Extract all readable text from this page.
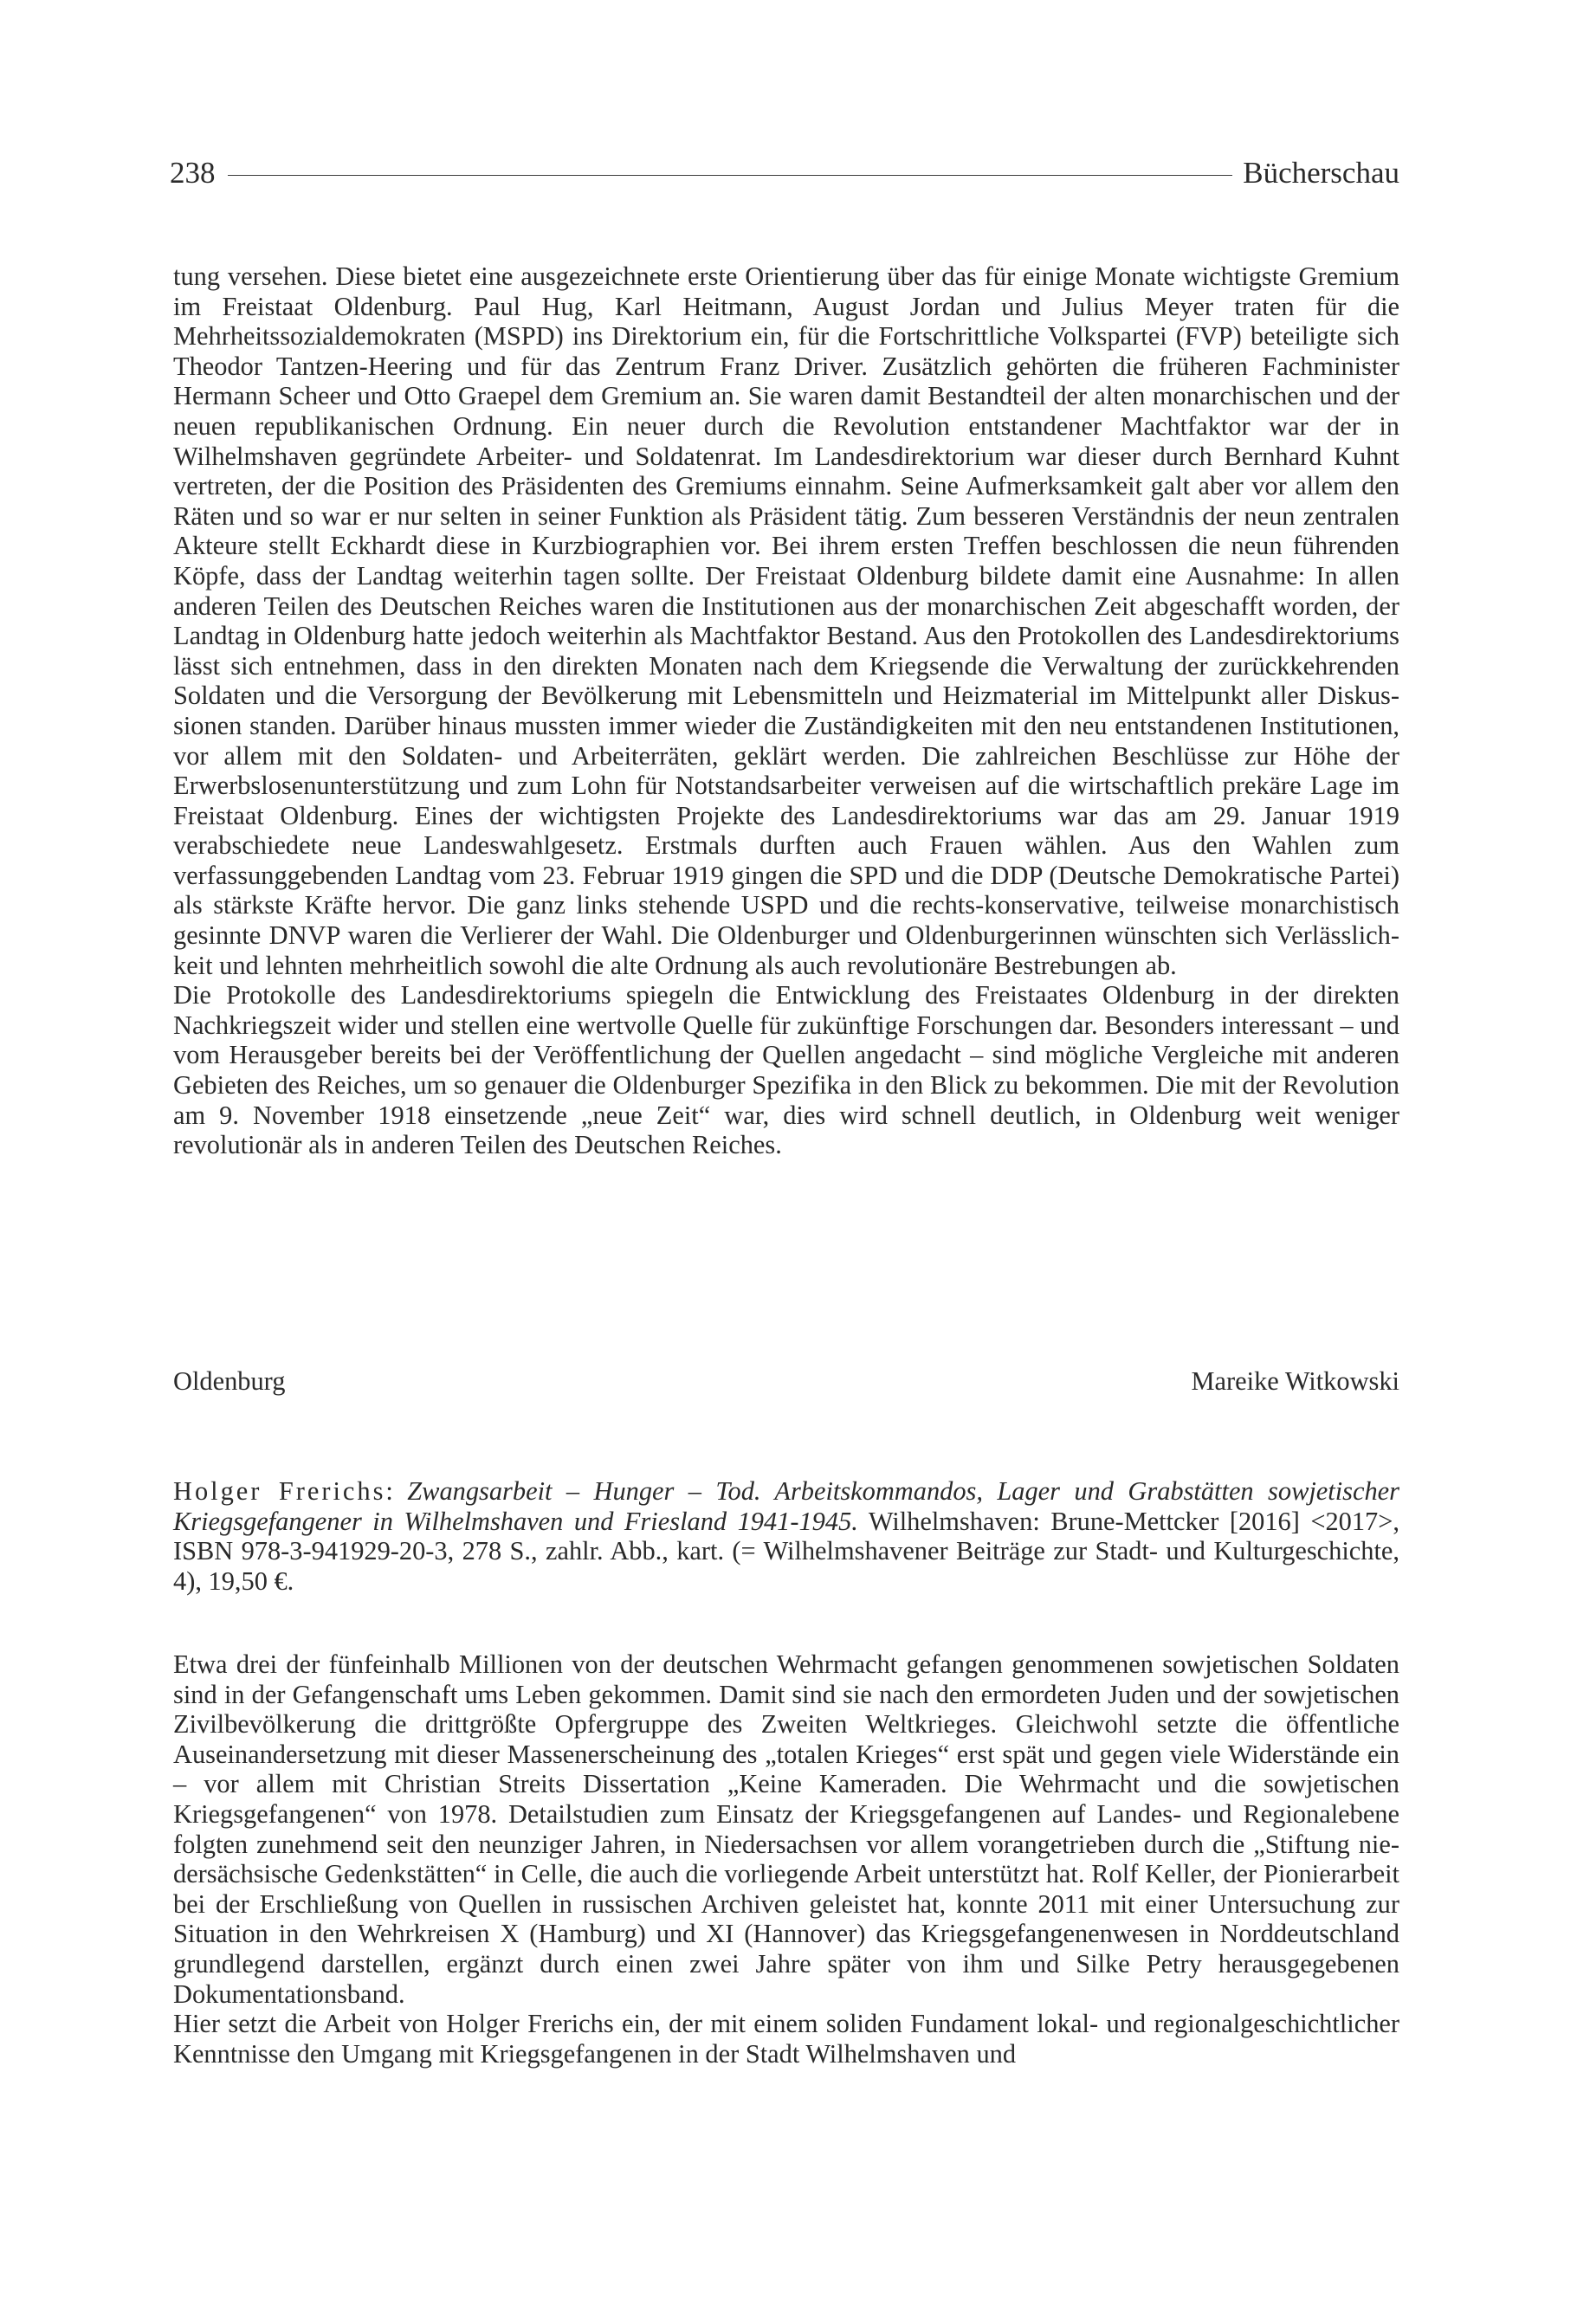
238	Bücherschau

tung versehen. Diese bietet eine ausgezeichnete erste Orientierung über das für einige Monate wichtigste Gremium im Freistaat Oldenburg. Paul Hug, Karl Heitmann, August Jordan und Julius Meyer traten für die Mehrheitssozialdemokraten (MSPD) ins Direktorium ein, für die Fortschrittliche Volkspartei (FVP) beteiligte sich Theodor Tantzen-Heering und für das Zentrum Franz Driver. Zusätzlich gehörten die früheren Fachminister Hermann Scheer und Otto Graepel dem Gremium an. Sie waren damit Bestandteil der alten monarchischen und der neuen republikanischen Ordnung. Ein neuer durch die Revolution entstandener Machtfaktor war der in Wilhelmshaven gegründete Arbeiter- und Soldatenrat. Im Landesdirektorium war dieser durch Bernhard Kuhnt vertreten, der die Position des Präsidenten des Gremiums einnahm. Seine Aufmerksamkeit galt aber vor allem den Räten und so war er nur selten in seiner Funktion als Präsident tätig. Zum besseren Verständnis der neun zentralen Akteure stellt Eckhardt diese in Kurzbiographien vor. Bei ihrem ersten Treffen beschlossen die neun führenden Köpfe, dass der Landtag weiterhin tagen sollte. Der Freistaat Oldenburg bildete damit eine Ausnahme: In allen anderen Teilen des Deutschen Reiches waren die Institutionen aus der monarchischen Zeit abgeschafft worden, der Landtag in Oldenburg hatte jedoch weiterhin als Machtfaktor Bestand. Aus den Protokollen des Landesdirektoriums lässt sich entnehmen, dass in den direkten Monaten nach dem Kriegsende die Verwaltung der zurückkehrenden Soldaten und die Versorgung der Bevölkerung mit Lebensmitteln und Heizmaterial im Mittelpunkt aller Diskussionen standen. Darüber hinaus mussten immer wieder die Zuständigkeiten mit den neu entstandenen Institutionen, vor allem mit den Soldaten- und Arbeiterräten, geklärt werden. Die zahlreichen Beschlüsse zur Höhe der Erwerbslosenunterstützung und zum Lohn für Notstandsarbeiter verweisen auf die wirtschaftlich prekäre Lage im Freistaat Oldenburg. Eines der wichtigsten Projekte des Landesdirektoriums war das am 29. Januar 1919 verabschiedete neue Landeswahlgesetz. Erstmals durften auch Frauen wählen. Aus den Wahlen zum verfassunggebenden Landtag vom 23. Februar 1919 gingen die SPD und die DDP (Deutsche Demokratische Partei) als stärkste Kräfte hervor. Die ganz links stehende USPD und die rechts-konservative, teilweise monarchistisch gesinnte DNVP waren die Verlierer der Wahl. Die Oldenburger und Oldenburgerinnen wünschten sich Verlässlichkeit und lehnten mehrheitlich sowohl die alte Ordnung als auch revolutionäre Bestrebungen ab.

Die Protokolle des Landesdirektoriums spiegeln die Entwicklung des Freistaates Oldenburg in der direkten Nachkriegszeit wider und stellen eine wertvolle Quelle für zukünftige Forschungen dar. Besonders interessant – und vom Herausgeber bereits bei der Veröffentlichung der Quellen angedacht – sind mögliche Vergleiche mit anderen Gebieten des Reiches, um so genauer die Oldenburger Spezifika in den Blick zu bekommen. Die mit der Revolution am 9. November 1918 einsetzende „neue Zeit“ war, dies wird schnell deutlich, in Oldenburg weit weniger revolutionär als in anderen Teilen des Deutschen Reiches.

Oldenburg	Mareike Witkowski

Holger Frerichs: Zwangsarbeit – Hunger – Tod. Arbeitskommandos, Lager und Grabstätten sowjetischer Kriegsgefangener in Wilhelmshaven und Friesland 1941-1945. Wilhelmshaven: Brune-Mettcker [2016] <2017>, ISBN 978-3-941929-20-3, 278 S., zahlr. Abb., kart. (= Wilhelmshavener Beiträge zur Stadt- und Kulturgeschichte, 4), 19,50 €.

Etwa drei der fünfeinhalb Millionen von der deutschen Wehrmacht gefangen genommenen sowjetischen Soldaten sind in der Gefangenschaft ums Leben gekommen. Damit sind sie nach den ermordeten Juden und der sowjetischen Zivilbevölkerung die drittgrößte Opfergruppe des Zweiten Weltkrieges. Gleichwohl setzte die öffentliche Auseinandersetzung mit dieser Massenerscheinung des „totalen Krieges“ erst spät und gegen viele Widerstände ein – vor allem mit Christian Streits Dissertation „Keine Kameraden. Die Wehrmacht und die sowjetischen Kriegsgefangenen“ von 1978. Detailstudien zum Einsatz der Kriegsgefangenen auf Landes- und Regionalebene folgten zunehmend seit den neunziger Jahren, in Niedersachsen vor allem vorangetrieben durch die „Stiftung niedersächsische Gedenkstätten“ in Celle, die auch die vorliegende Arbeit unterstützt hat. Rolf Keller, der Pionierarbeit bei der Erschließung von Quellen in russischen Archiven geleistet hat, konnte 2011 mit einer Untersuchung zur Situation in den Wehrkreisen X (Hamburg) und XI (Hannover) das Kriegsgefangenenwesen in Norddeutschland grundlegend darstellen, ergänzt durch einen zwei Jahre später von ihm und Silke Petry herausgegebenen Dokumentationsband.

Hier setzt die Arbeit von Holger Frerichs ein, der mit einem soliden Fundament lokal- und regionalgeschichtlicher Kenntnisse den Umgang mit Kriegsgefangenen in der Stadt Wilhelmshaven und
